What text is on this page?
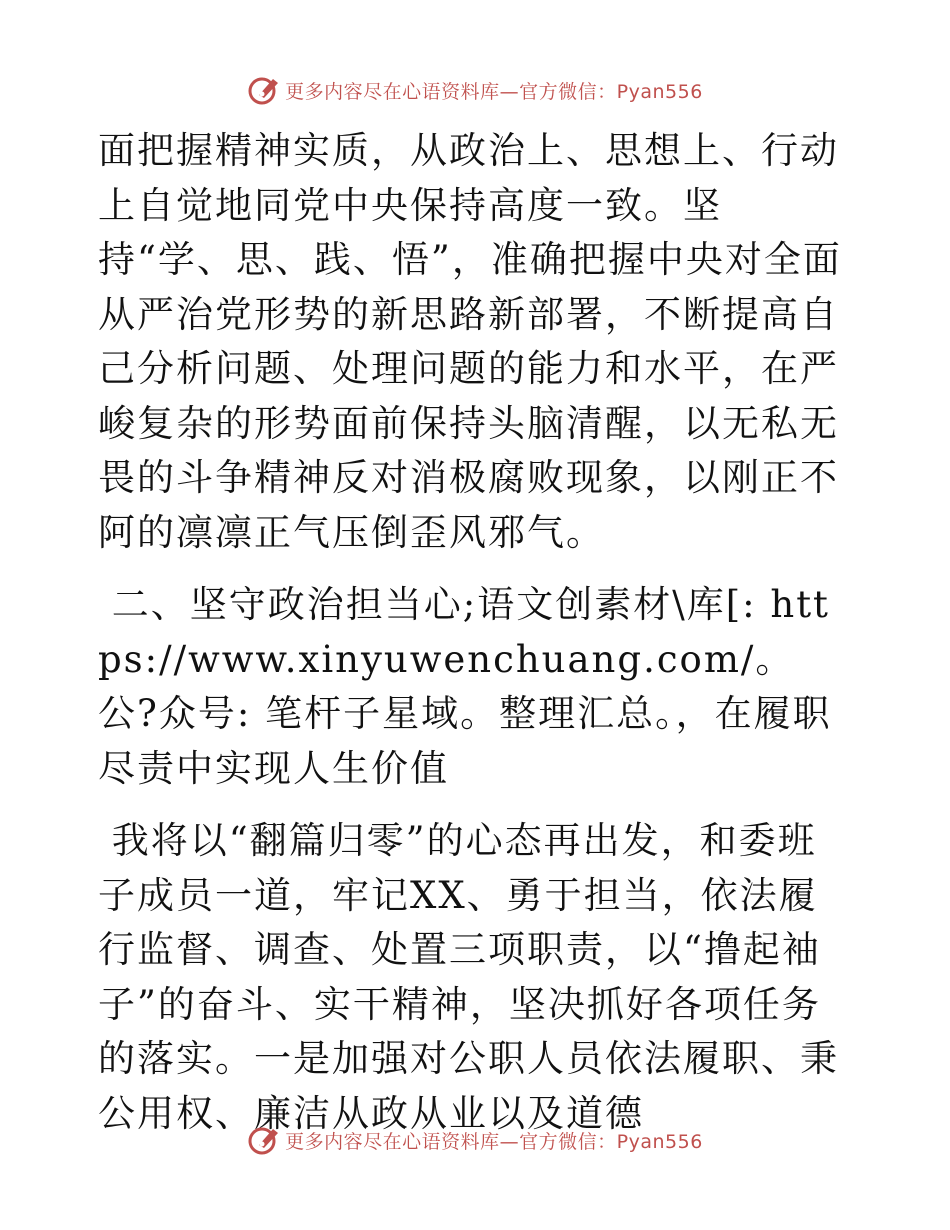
更多内容尽在心语资料库—官方微信：Pyan556

面把握精神实质，从政治上、思想上、行动上自觉地同党中央保持高度一致。坚持“学、思、践、悟”，准确把握中央对全面从严治党形势的新思路新部署，不断提高自己分析问题、处理问题的能力和水平，在严峻复杂的形势面前保持头脑清醒，以无私无畏的斗争精神反对消极腐败现象，以刚正不阿的凛凛正气压倒歪风邪气。

二、坚守政治担当心;语文创素材\库[: https://www.xinyuwenchuang.com/。公?众号: 笔杆子星域。整理汇总。，在履职尽责中实现人生价值

我将以“翻篇归零”的心态再出发，和委班子成员一道，牢记XX、勇于担当，依法履行监督、调查、处置三项职责，以“撸起袖子”的奋斗、实干精神，坚决抓好各项任务的落实。一是加强对公职人员依法履职、秉公用权、廉洁从政从业以及道德

更多内容尽在心语资料库—官方微信：Pyan556
